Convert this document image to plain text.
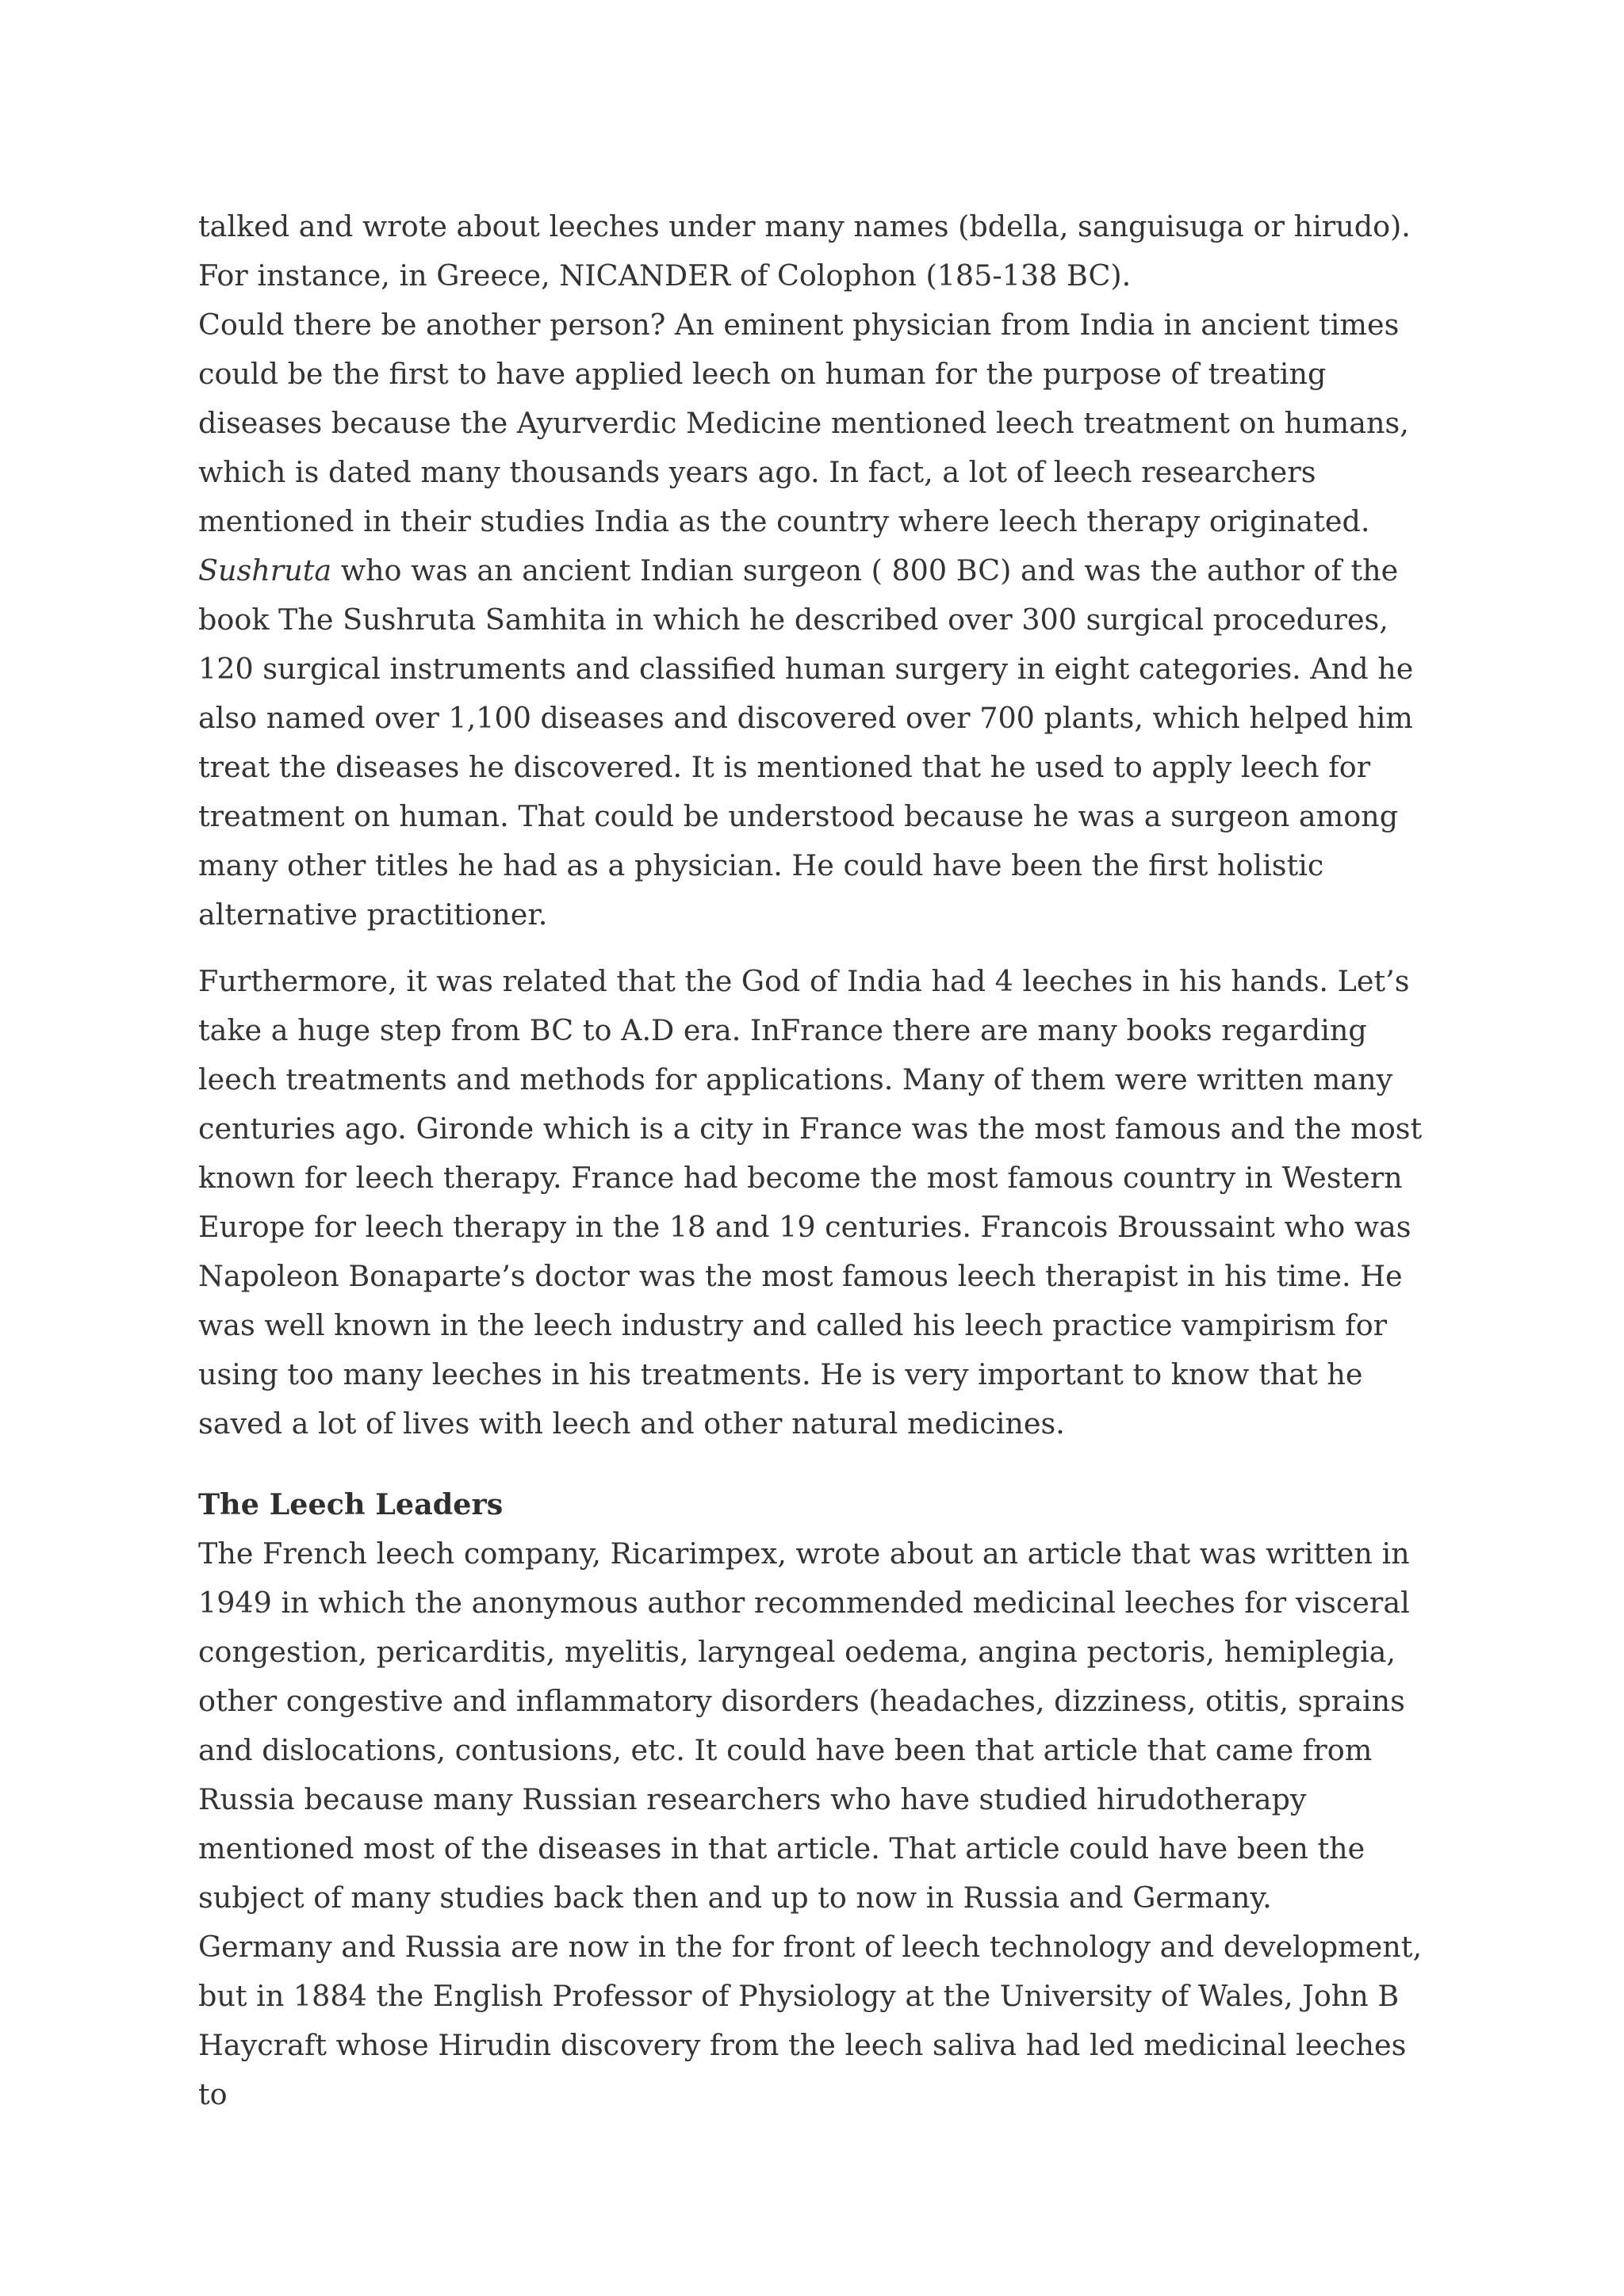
talked and wrote about leeches under many names (bdella, sanguisuga or hirudo). For instance, in Greece, NICANDER of Colophon (185-138 BC).

Could there be another person? An eminent physician from India in ancient times could be the first to have applied leech on human for the purpose of treating diseases because the Ayurverdic Medicine mentioned leech treatment on humans, which is dated many thousands years ago. In fact, a lot of leech researchers mentioned in their studies India as the country where leech therapy originated. Sushruta who was an ancient Indian surgeon ( 800 BC) and was the author of the book The Sushruta Samhita in which he described over 300 surgical procedures, 120 surgical instruments and classified human surgery in eight categories. And he also named over 1,100 diseases and discovered over 700 plants, which helped him treat the diseases he discovered. It is mentioned that he used to apply leech for treatment on human. That could be understood because he was a surgeon among many other titles he had as a physician. He could have been the first holistic alternative practitioner.

Furthermore, it was related that the God of India had 4 leeches in his hands. Let’s take a huge step from BC to A.D era. InFrance there are many books regarding leech treatments and methods for applications. Many of them were written many centuries ago. Gironde which is a city in France was the most famous and the most known for leech therapy. France had become the most famous country in Western Europe for leech therapy in the 18 and 19 centuries. Francois Broussaint who was Napoleon Bonaparte’s doctor was the most famous leech therapist in his time. He was well known in the leech industry and called his leech practice vampirism for using too many leeches in his treatments. He is very important to know that he saved a lot of lives with leech and other natural medicines.

The Leech Leaders

The French leech company, Ricarimpex, wrote about an article that was written in 1949 in which the anonymous author recommended medicinal leeches for visceral congestion, pericarditis, myelitis, laryngeal oedema, angina pectoris, hemiplegia, other congestive and inflammatory disorders (headaches, dizziness, otitis, sprains and dislocations, contusions, etc. It could have been that article that came from Russia because many Russian researchers who have studied hirudotherapy mentioned most of the diseases in that article. That article could have been the subject of many studies back then and up to now in Russia and Germany.

Germany and Russia are now in the for front of leech technology and development, but in 1884 the English Professor of Physiology at the University of Wales, John B Haycraft whose Hirudin discovery from the leech saliva had led medicinal leeches to
